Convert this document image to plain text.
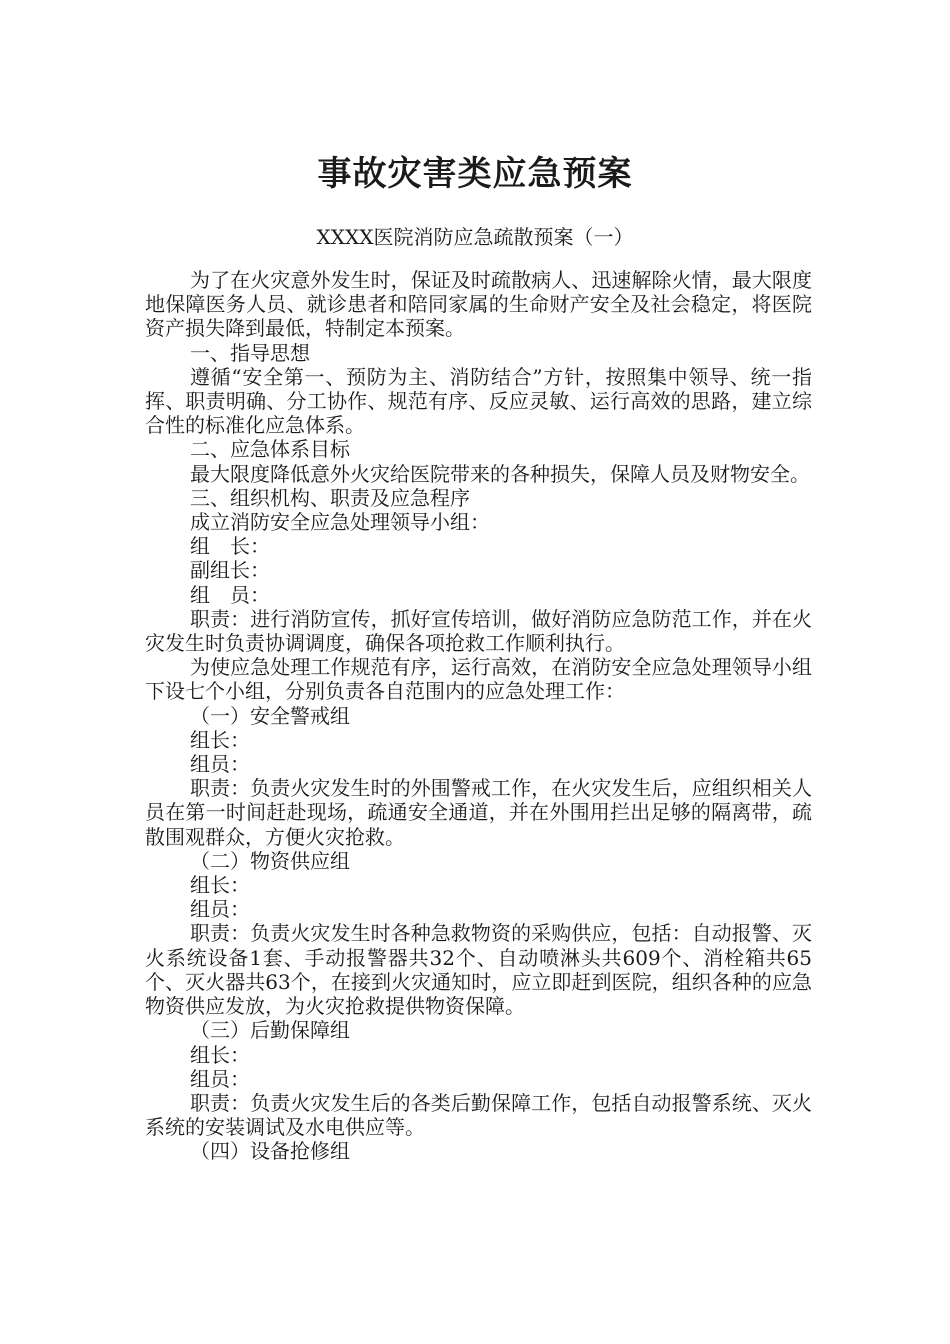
事故灾害类应急预案
XXXX医院消防应急疏散预案（一）

为了在火灾意外发生时，保证及时疏散病人、迅速解除火情，最大限度地保障医务人员、就诊患者和陪同家属的生命财产安全及社会稳定，将医院资产损失降到最低，特制定本预案。

一、指导思想

遵循“安全第一、预防为主、消防结合”方针，按照集中领导、统一指挥、职责明确、分工协作、规范有序、反应灵敏、运行高效的思路，建立综合性的标准化应急体系。

二、应急体系目标

最大限度降低意外火灾给医院带来的各种损失，保障人员及财物安全。

三、组织机构、职责及应急程序

成立消防安全应急处理领导小组：

组　长：

副组长：

组　员：

职责：进行消防宣传，抓好宣传培训，做好消防应急防范工作，并在火灾发生时负责协调调度，确保各项抢救工作顺利执行。

为使应急处理工作规范有序，运行高效，在消防安全应急处理领导小组下设七个小组，分别负责各自范围内的应急处理工作：

（一）安全警戒组

组长：

组员：

职责：负责火灾发生时的外围警戒工作，在火灾发生后，应组织相关人员在第一时间赶赴现场，疏通安全通道，并在外围用拦出足够的隔离带，疏散围观群众，方便火灾抢救。

（二）物资供应组

组长：

组员：

职责：负责火灾发生时各种急救物资的采购供应，包括：自动报警、灭火系统设备1套、手动报警器共32个、自动喷淋头共609个、消栓箱共65个、灭火器共63个，在接到火灾通知时，应立即赶到医院，组织各种的应急物资供应发放，为火灾抢救提供物资保障。

（三）后勤保障组

组长：

组员：

职责：负责火灾发生后的各类后勤保障工作，包括自动报警系统、灭火系统的安装调试及水电供应等。

（四）设备抢修组
